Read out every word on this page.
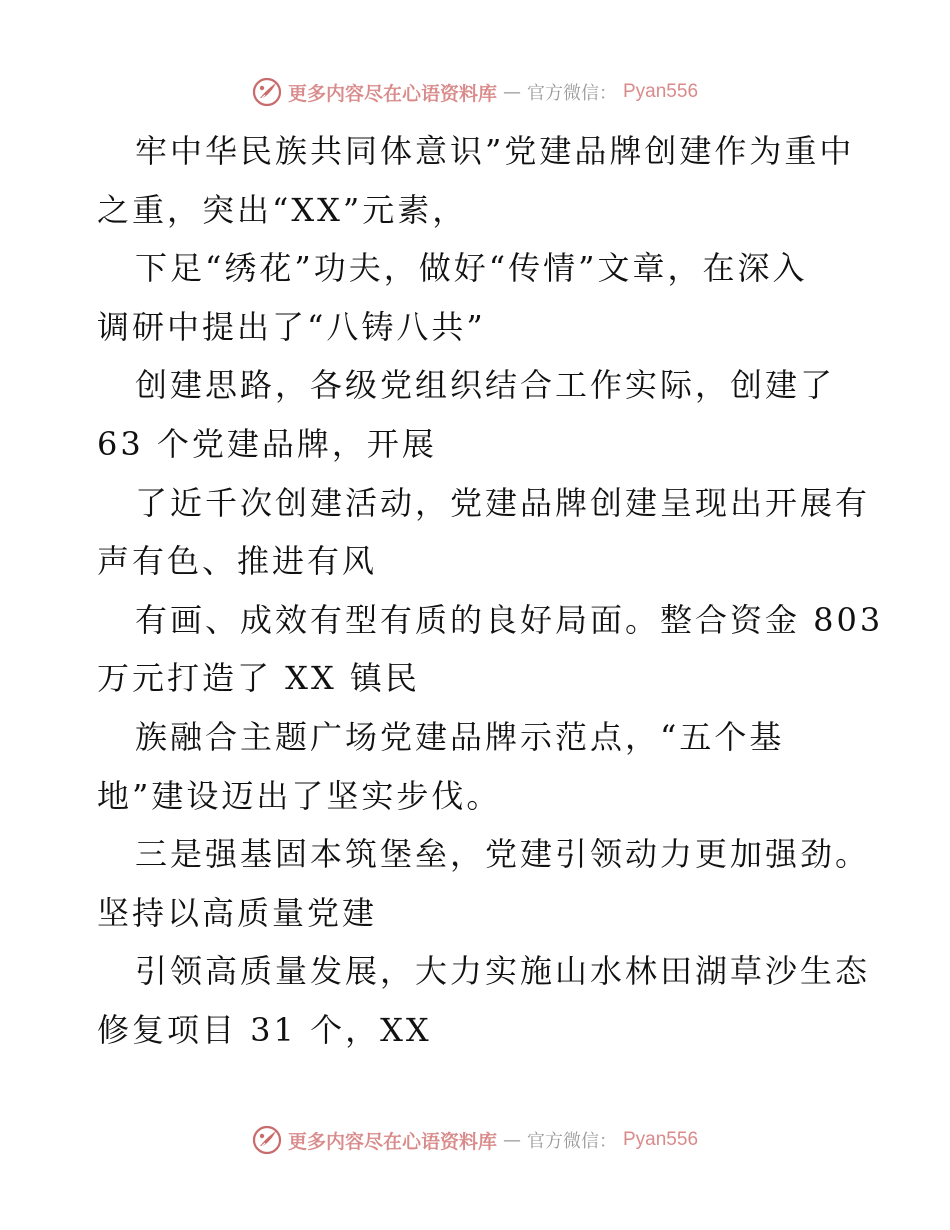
更多内容尽在心语资料库 — 官方微信： Pyan556
牢中华民族共同体意识”党建品牌创建作为重中
之重，突出“XX”元素，
下足“绣花”功夫，做好“传情”文章，在深入
调研中提出了“八铸八共”
创建思路，各级党组织结合工作实际，创建了
63 个党建品牌，开展
了近千次创建活动，党建品牌创建呈现出开展有
声有色、推进有风
有画、成效有型有质的良好局面。整合资金 803
万元打造了 XX 镇民
族融合主题广场党建品牌示范点，“五个基
地”建设迈出了坚实步伐。
三是强基固本筑堡垒，党建引领动力更加强劲。
坚持以高质量党建
引领高质量发展，大力实施山水林田湖草沙生态
修复项目 31 个，XX
更多内容尽在心语资料库 — 官方微信： Pyan556
